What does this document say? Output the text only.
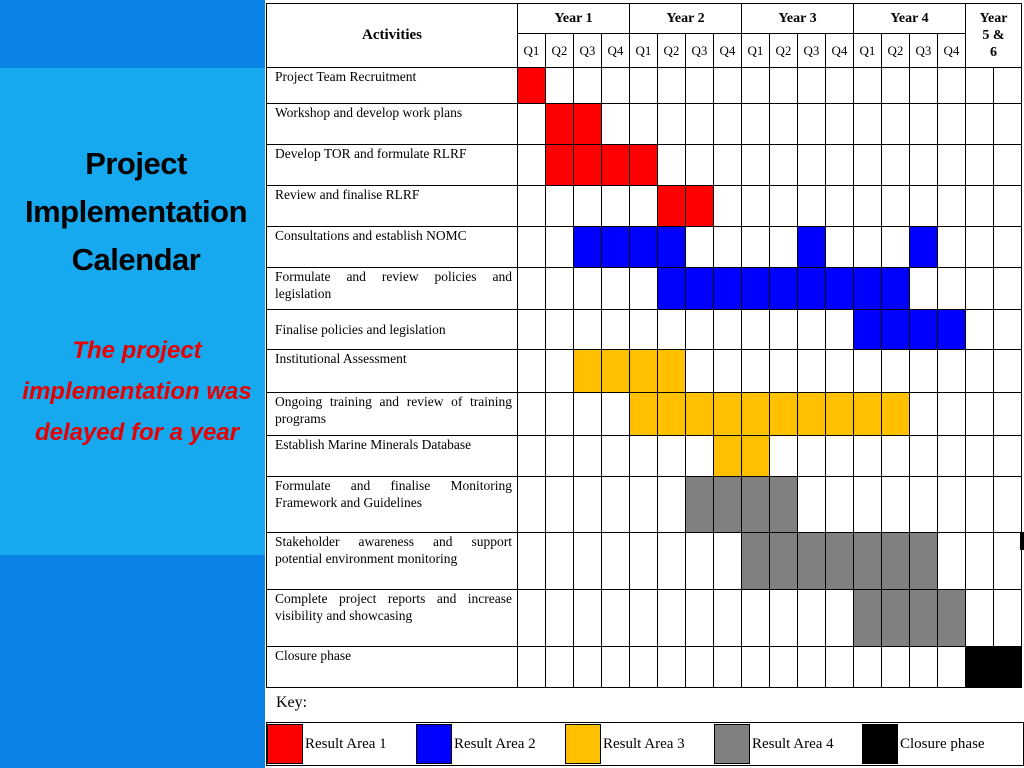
Project
Implementation
Calendar
The project implementation was delayed for a year
Activities	Year 1				Year 2				Year 3				Year 4				Year
5 &
6	

	Q1	Q2	Q3	Q4	Q1	Q2	Q3	Q4	Q1	Q2	Q3	Q4	Q1	Q2	Q3	Q4		
Project Team Recruitment																		
Workshop and develop work plans																		
Develop TOR and formulate RLRF																		
Review and finalise RLRF																		
Consultations and establish NOMC																		
Formulate and review policies and legislation																		
Finalise policies and legislation																		
Institutional Assessment																		
Ongoing training and review of training programs																		
Establish Marine Minerals Database																		
Formulate and finalise Monitoring Framework and Guidelines																		
Stakeholder awareness and support potential environment monitoring																		
Complete project reports and increase visibility and showcasing																		
Closure phase																		
Key:
Result Area 1	Result Area 2	Result Area 3	Result Area 4	Closure phase
